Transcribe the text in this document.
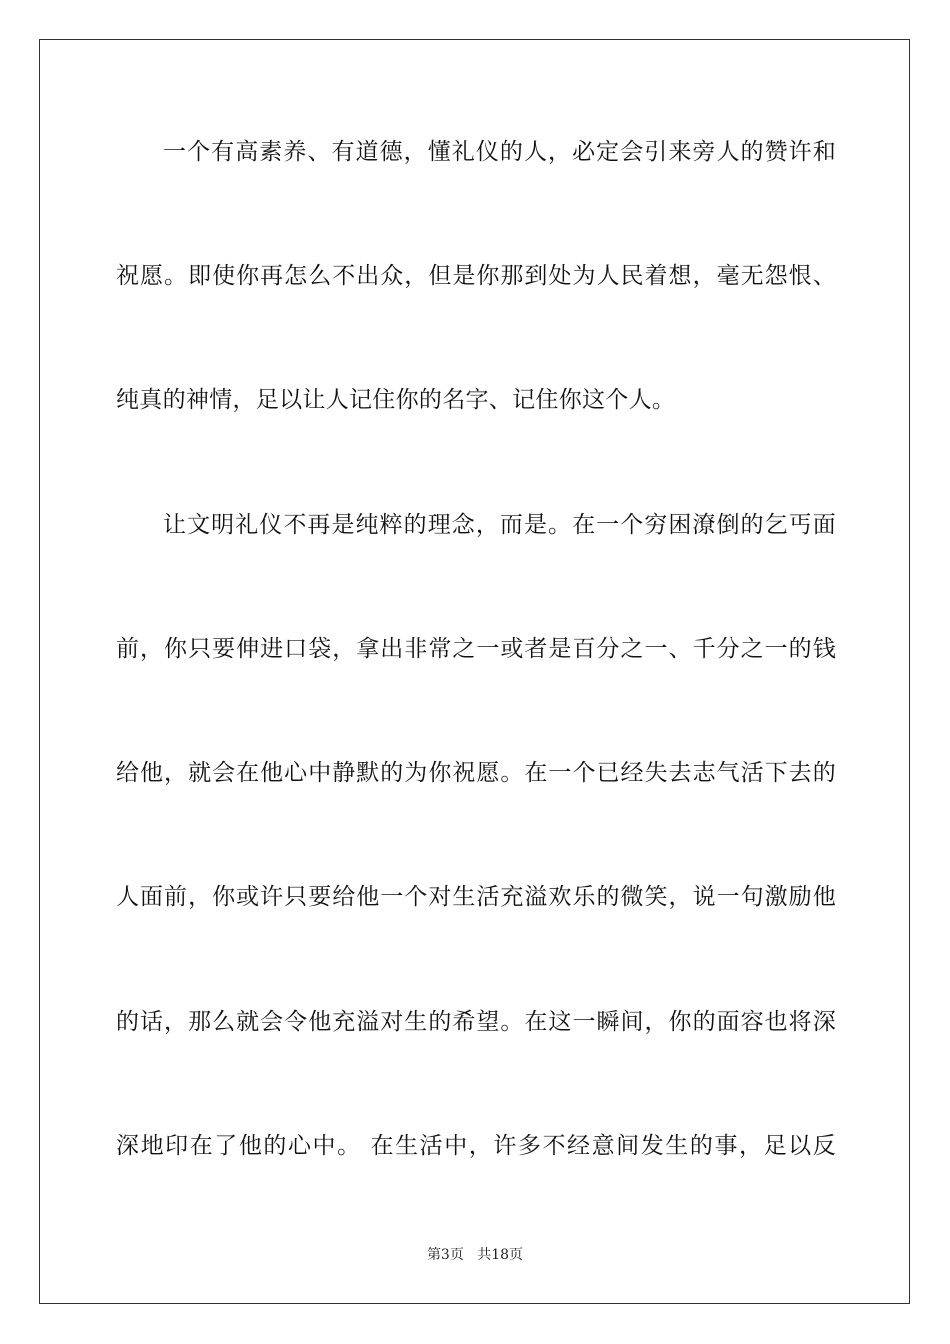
一个有高素养、有道德，懂礼仪的人，必定会引来旁人的赞许和
祝愿。即使你再怎么不出众，但是你那到处为人民着想，毫无怨恨、
纯真的神情，足以让人记住你的名字、记住你这个人。
让文明礼仪不再是纯粹的理念，而是。在一个穷困潦倒的乞丐面
前，你只要伸进口袋，拿出非常之一或者是百分之一、千分之一的钱
给他，就会在他心中静默的为你祝愿。在一个已经失去志气活下去的
人面前，你或许只要给他一个对生活充溢欢乐的微笑，说一句激励他
的话，那么就会令他充溢对生的希望。在这一瞬间，你的面容也将深
深地印在了他的心中。 在生活中，许多不经意间发生的事，足以反
第3页 共18页
